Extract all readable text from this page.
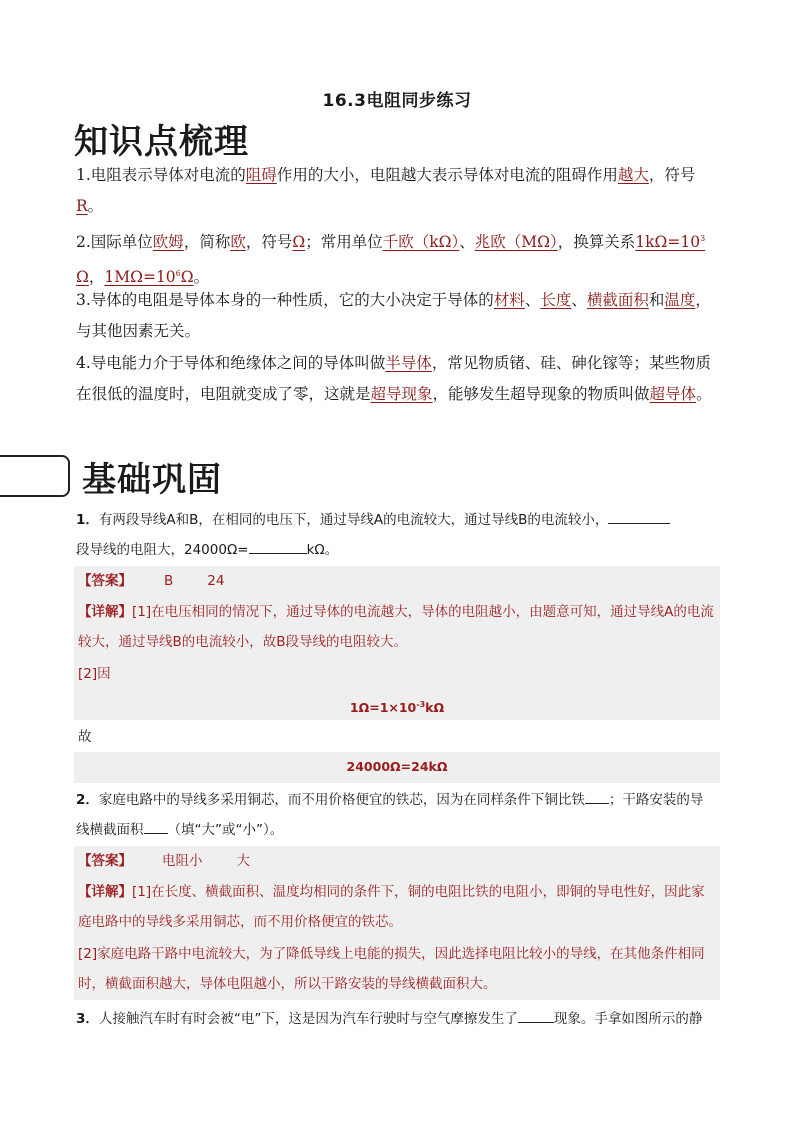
16.3电阻同步练习
知识点梳理
1.电阻表示导体对电流的阻碍作用的大小，电阻越大表示导体对电流的阻碍作用越大，符号
R。
2.国际单位欧姆，简称欧，符号Ω；常用单位千欧（kΩ）、兆欧（MΩ），换算关系$1k\Omega=10^3$
Ω，$1M\Omega=10^6\Omega$。
3.导体的电阻是导体本身的一种性质，它的大小决定于导体的材料、长度、横截面积和温度，与其他因素无关。
4.导电能力介于导体和绝缘体之间的导体叫做半导体，常见物质锗、硅、砷化镓等；某些物质在很低的温度时，电阻就变成了零，这就是超导现象，能够发生超导现象的物质叫做超导体。
基础巩固
1．有两段导线A和B，在相同的电压下，通过导线A的电流较大，通过导线B的电流较小，
段导线的电阻大，24000Ω=	kΩ。
【答案】 B	24
【详解】[1]在电压相同的情况下，通过导体的电流越大，导体的电阻越小，由题意可知，通过导线A的电流较大，通过导线B的电流较小，故B段导线的电阻较大。
[2]因
$1\Omega=1\times 10^{-3}k\Omega$
故
24000Ω=24kΩ
2．家庭电路中的导线多采用铜芯，而不用价格便宜的铁芯，因为在同样条件下铜比铁 ；干路安装的导线横截面积 （填“大”或“小”）。
【答案】 电阻小	大
【详解】[1]在长度、横截面积、温度均相同的条件下，铜的电阻比铁的电阻小，即铜的导电性好，因此家庭电路中的导线多采用铜芯，而不用价格便宜的铁芯。
[2]家庭电路干路中电流较大，为了降低导线上电能的损失，因此选择电阻比较小的导线，在其他条件相同时，横截面积越大，导体电阻越小，所以干路安装的导线横截面积大。
3．人接触汽车时有时会被“电”下，这是因为汽车行驶时与空气摩擦发生了	现象。手拿如图所示的静
